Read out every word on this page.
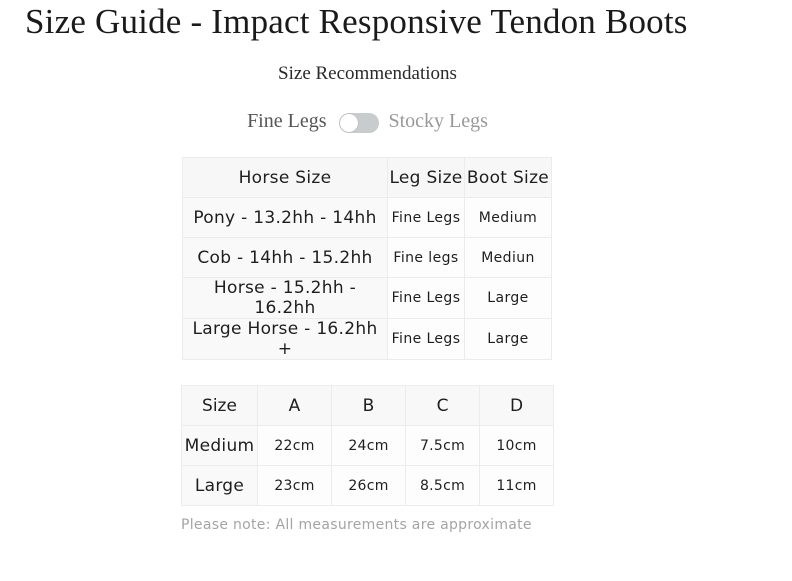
Size Guide - Impact Responsive Tendon Boots
Size Recommendations
Fine Legs	Stocky Legs
Horse Size	Leg Size	Boot Size
Pony - 13.2hh - 14hh	Fine Legs	Medium
Cob - 14hh - 15.2hh	Fine legs	Mediun
Horse - 15.2hh - 16.2hh	Fine Legs	Large
Large Horse - 16.2hh +	Fine Legs	Large
Size	A	B	C	D
Medium	22cm	24cm	7.5cm	10cm
Large	23cm	26cm	8.5cm	11cm
Please note: All measurements are approximate
